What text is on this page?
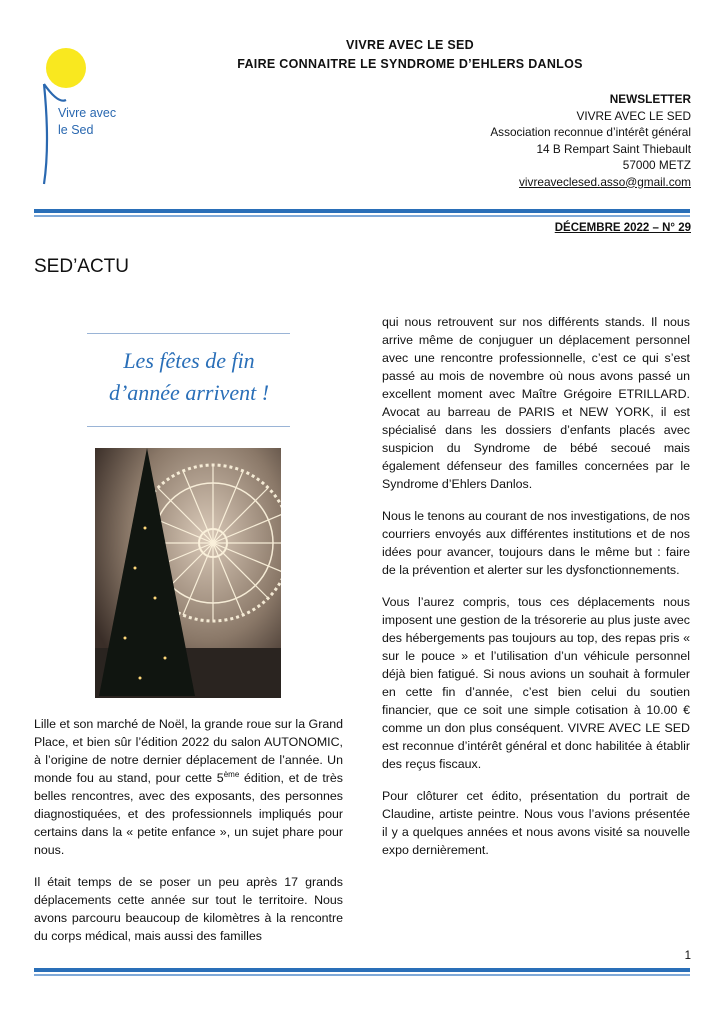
Vivre avec
le Sed
VIVRE AVEC LE SED
FAIRE CONNAITRE LE SYNDROME D’EHLERS DANLOS
NEWSLETTER
VIVRE AVEC LE SED
Association reconnue d’intérêt général
14 B Rempart Saint Thiebault
57000 METZ
vivreaveclesed.asso@gmail.com
DÉCEMBRE 2022 – N° 29
SED’ACTU
Les fêtes de fin
d’année arrivent !

Lille et son marché de Noël, la grande roue sur la Grand Place, et bien sûr l’édition 2022 du salon AUTONOMIC, à l’origine de notre dernier déplacement de l’année. Un monde fou au stand, pour cette 5ème édition, et de très belles rencontres, avec des exposants, des personnes diagnostiquées, et des professionnels impliqués pour certains dans la « petite enfance », un sujet phare pour nous.

Il était temps de se poser un peu après 17 grands déplacements cette année sur tout le territoire. Nous avons parcouru beaucoup de kilomètres à la rencontre du corps médical, mais aussi des familles

qui nous retrouvent sur nos différents stands. Il nous arrive même de conjuguer un déplacement personnel avec une rencontre professionnelle, c’est ce qui s’est passé au mois de novembre où nous avons passé un excellent moment avec Maître Grégoire ETRILLARD. Avocat au barreau de PARIS et NEW YORK, il est spécialisé dans les dossiers d’enfants placés avec suspicion du Syndrome de bébé secoué mais également défenseur des familles concernées par le Syndrome d’Ehlers Danlos.

Nous le tenons au courant de nos investigations, de nos courriers envoyés aux différentes institutions et de nos idées pour avancer, toujours dans le même but : faire de la prévention et alerter sur les dysfonctionnements.

Vous l’aurez compris, tous ces déplacements nous imposent une gestion de la trésorerie au plus juste avec des hébergements pas toujours au top, des repas pris « sur le pouce » et l’utilisation d’un véhicule personnel déjà bien fatigué. Si nous avions un souhait à formuler en cette fin d’année, c’est bien celui du soutien financier, que ce soit une simple cotisation à 10.00 € comme un don plus conséquent. VIVRE AVEC LE SED est reconnue d’intérêt général et donc habilitée à établir des reçus fiscaux.

Pour clôturer cet édito, présentation du portrait de Claudine, artiste peintre. Nous vous l’avions présentée il y a quelques années et nous avons visité sa nouvelle expo dernièrement.

1
